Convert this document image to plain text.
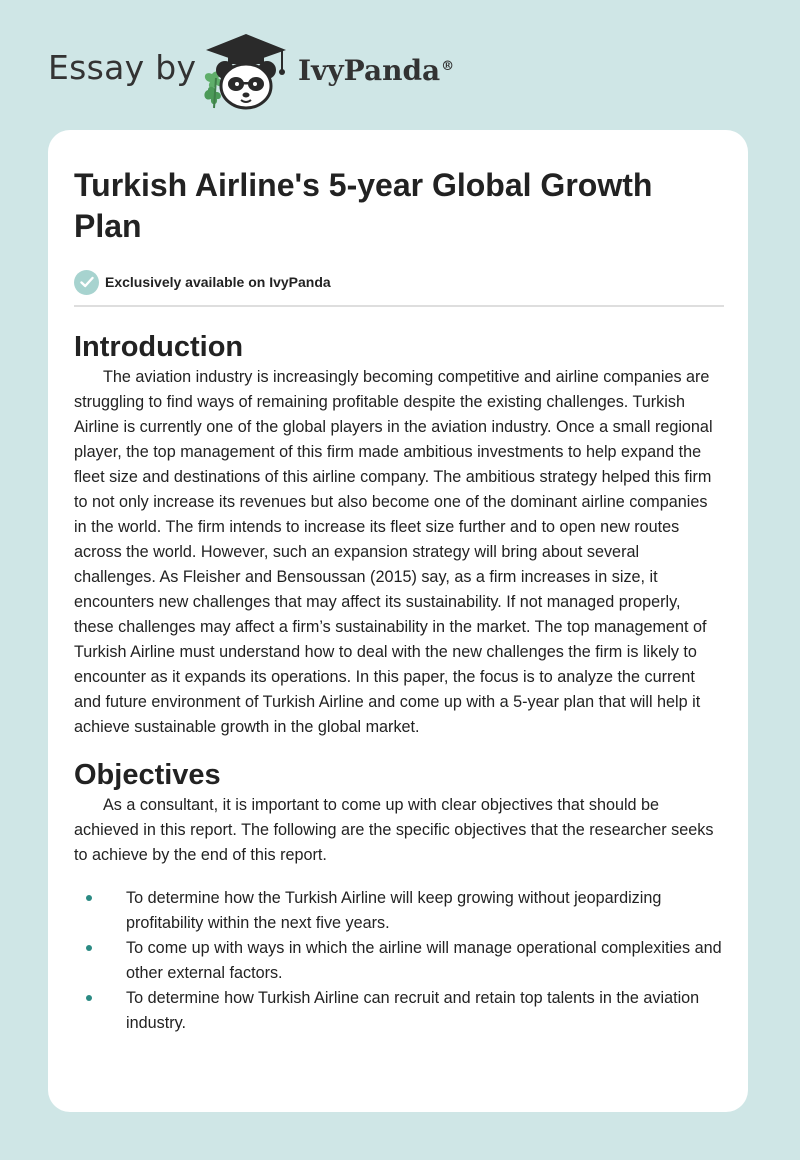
Essay by	IvyPanda®
Turkish Airline's 5-year Global Growth Plan
Exclusively available on IvyPanda
Introduction

The aviation industry is increasingly becoming competitive and airline companies are struggling to find ways of remaining profitable despite the existing challenges. Turkish Airline is currently one of the global players in the aviation industry. Once a small regional player, the top management of this firm made ambitious investments to help expand the fleet size and destinations of this airline company. The ambitious strategy helped this firm to not only increase its revenues but also become one of the dominant airline companies in the world. The firm intends to increase its fleet size further and to open new routes across the world. However, such an expansion strategy will bring about several challenges. As Fleisher and Bensoussan (2015) say, as a firm increases in size, it encounters new challenges that may affect its sustainability. If not managed properly, these challenges may affect a firm’s sustainability in the market. The top management of Turkish Airline must understand how to deal with the new challenges the firm is likely to encounter as it expands its operations. In this paper, the focus is to analyze the current and future environment of Turkish Airline and come up with a 5-year plan that will help it achieve sustainable growth in the global market.

Objectives

As a consultant, it is important to come up with clear objectives that should be achieved in this report. The following are the specific objectives that the researcher seeks to achieve by the end of this report.

To determine how the Turkish Airline will keep growing without jeopardizing profitability within the next five years.
To come up with ways in which the airline will manage operational complexities and other external factors.
To determine how Turkish Airline can recruit and retain top talents in the aviation industry.
